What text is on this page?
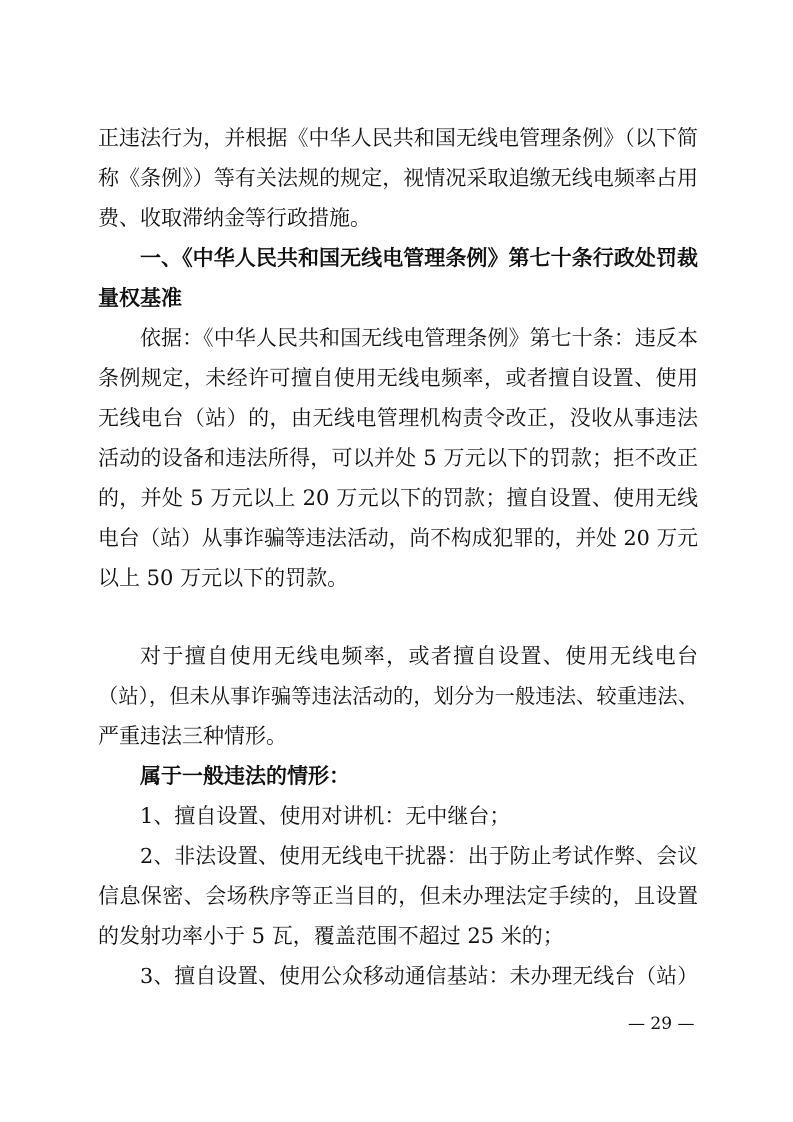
正违法行为，并根据《中华人民共和国无线电管理条例》（以下简
称《条例》）等有关法规的规定，视情况采取追缴无线电频率占用
费、收取滞纳金等行政措施。
一、《中华人民共和国无线电管理条例》第七十条行政处罚裁
量权基准
依据：《中华人民共和国无线电管理条例》第七十条：违反本
条例规定，未经许可擅自使用无线电频率，或者擅自设置、使用
无线电台（站）的，由无线电管理机构责令改正，没收从事违法
活动的设备和违法所得，可以并处 5 万元以下的罚款；拒不改正
的，并处 5 万元以上 20 万元以下的罚款；擅自设置、使用无线
电台（站）从事诈骗等违法活动，尚不构成犯罪的，并处 20 万元
以上 50 万元以下的罚款。
对于擅自使用无线电频率，或者擅自设置、使用无线电台
（站），但未从事诈骗等违法活动的，划分为一般违法、较重违法、
严重违法三种情形。
属于一般违法的情形：
1、擅自设置、使用对讲机：无中继台；
2、非法设置、使用无线电干扰器：出于防止考试作弊、会议
信息保密、会场秩序等正当目的，但未办理法定手续的，且设置
的发射功率小于 5 瓦，覆盖范围不超过 25 米的；
3、擅自设置、使用公众移动通信基站：未办理无线台（站）
— 29 —
